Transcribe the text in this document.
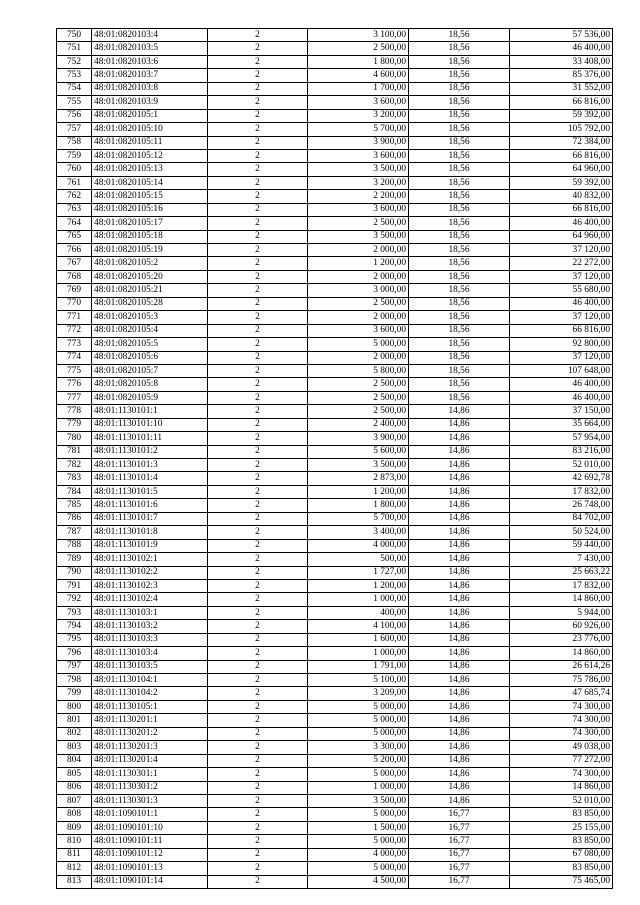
750	48:01:0820103:4	2	3 100,00	18,56	57 536,00
751	48:01:0820103:5	2	2 500,00	18,56	46 400,00
752	48:01:0820103:6	2	1 800,00	18,56	33 408,00
753	48:01:0820103:7	2	4 600,00	18,56	85 376,00
754	48:01:0820103:8	2	1 700,00	18,56	31 552,00
755	48:01:0820103:9	2	3 600,00	18,56	66 816,00
756	48:01:0820105:1	2	3 200,00	18,56	59 392,00
757	48:01:0820105:10	2	5 700,00	18,56	105 792,00
758	48:01:0820105:11	2	3 900,00	18,56	72 384,00
759	48:01:0820105:12	2	3 600,00	18,56	66 816,00
760	48:01:0820105:13	2	3 500,00	18,56	64 960,00
761	48:01:0820105:14	2	3 200,00	18,56	59 392,00
762	48:01:0820105:15	2	2 200,00	18,56	40 832,00
763	48:01:0820105:16	2	3 600,00	18,56	66 816,00
764	48:01:0820105:17	2	2 500,00	18,56	46 400,00
765	48:01:0820105:18	2	3 500,00	18,56	64 960,00
766	48:01:0820105:19	2	2 000,00	18,56	37 120,00
767	48:01:0820105:2	2	1 200,00	18,56	22 272,00
768	48:01:0820105:20	2	2 000,00	18,56	37 120,00
769	48:01:0820105:21	2	3 000,00	18,56	55 680,00
770	48:01:0820105:28	2	2 500,00	18,56	46 400,00
771	48:01:0820105:3	2	2 000,00	18,56	37 120,00
772	48:01:0820105:4	2	3 600,00	18,56	66 816,00
773	48:01:0820105:5	2	5 000,00	18,56	92 800,00
774	48:01:0820105:6	2	2 000,00	18,56	37 120,00
775	48:01:0820105:7	2	5 800,00	18,56	107 648,00
776	48:01:0820105:8	2	2 500,00	18,56	46 400,00
777	48:01:0820105:9	2	2 500,00	18,56	46 400,00
778	48:01:1130101:1	2	2 500,00	14,86	37 150,00
779	48:01:1130101:10	2	2 400,00	14,86	35 664,00
780	48:01:1130101:11	2	3 900,00	14,86	57 954,00
781	48:01:1130101:2	2	5 600,00	14,86	83 216,00
782	48:01:1130101:3	2	3 500,00	14,86	52 010,00
783	48:01:1130101:4	2	2 873,00	14,86	42 692,78
784	48:01:1130101:5	2	1 200,00	14,86	17 832,00
785	48:01:1130101:6	2	1 800,00	14,86	26 748,00
786	48:01:1130101:7	2	5 700,00	14,86	84 702,00
787	48:01:1130101:8	2	3 400,00	14,86	50 524,00
788	48:01:1130101:9	2	4 000,00	14,86	59 440,00
789	48:01:1130102:1	2	500,00	14,86	7 430,00
790	48:01:1130102:2	2	1 727,00	14,86	25 663,22
791	48:01:1130102:3	2	1 200,00	14,86	17 832,00
792	48:01:1130102:4	2	1 000,00	14,86	14 860,00
793	48:01:1130103:1	2	400,00	14,86	5 944,00
794	48:01:1130103:2	2	4 100,00	14,86	60 926,00
795	48:01:1130103:3	2	1 600,00	14,86	23 776,00
796	48:01:1130103:4	2	1 000,00	14,86	14 860,00
797	48:01:1130103:5	2	1 791,00	14,86	26 614,26
798	48:01:1130104:1	2	5 100,00	14,86	75 786,00
799	48:01:1130104:2	2	3 209,00	14,86	47 685,74
800	48:01:1130105:1	2	5 000,00	14,86	74 300,00
801	48:01:1130201:1	2	5 000,00	14,86	74 300,00
802	48:01:1130201:2	2	5 000,00	14,86	74 300,00
803	48:01:1130201:3	2	3 300,00	14,86	49 038,00
804	48:01:1130201:4	2	5 200,00	14,86	77 272,00
805	48:01:1130301:1	2	5 000,00	14,86	74 300,00
806	48:01:1130301:2	2	1 000,00	14,86	14 860,00
807	48:01:1130301:3	2	3 500,00	14,86	52 010,00
808	48:01:1090101:1	2	5 000,00	16,77	83 850,00
809	48:01:1090101:10	2	1 500,00	16,77	25 155,00
810	48:01:1090101:11	2	5 000,00	16,77	83 850,00
811	48:01:1090101:12	2	4 000,00	16,77	67 080,00
812	48:01:1090101:13	2	5 000,00	16,77	83 850,00
813	48:01:1090101:14	2	4 500,00	16,77	75 465,00
